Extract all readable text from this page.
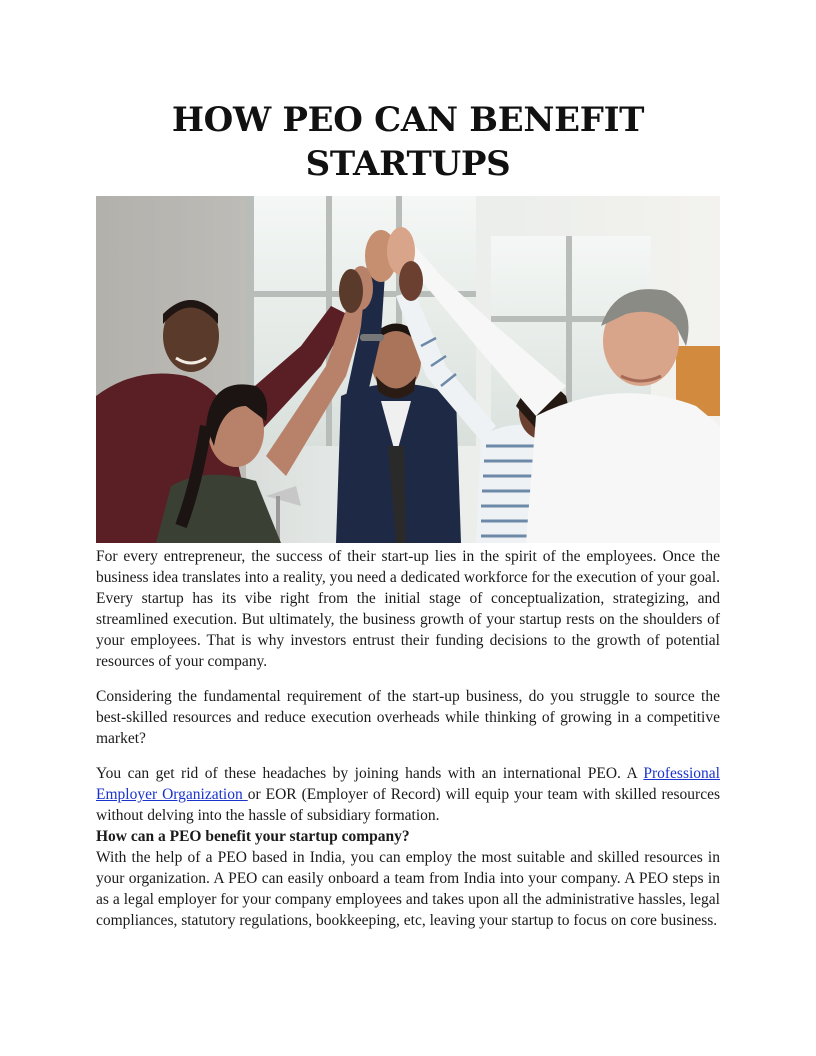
HOW PEO CAN BENEFIT STARTUPS

For every entrepreneur, the success of their start-up lies in the spirit of the employees. Once the business idea translates into a reality, you need a dedicated workforce for the execution of your goal. Every startup has its vibe right from the initial stage of conceptualization, strategizing, and streamlined execution. But ultimately, the business growth of your startup rests on the shoulders of your employees. That is why investors entrust their funding decisions to the growth of potential resources of your company.

Considering the fundamental requirement of the start-up business, do you struggle to source the best-skilled resources and reduce execution overheads while thinking of growing in a competitive market?

You can get rid of these headaches by joining hands with an international PEO. A Professional Employer Organization or EOR (Employer of Record) will equip your team with skilled resources without delving into the hassle of subsidiary formation.

How can a PEO benefit your startup company?

With the help of a PEO based in India, you can employ the most suitable and skilled resources in your organization. A PEO can easily onboard a team from India into your company. A PEO steps in as a legal employer for your company employees and takes upon all the administrative hassles, legal compliances, statutory regulations, bookkeeping, etc, leaving your startup to focus on core business.
